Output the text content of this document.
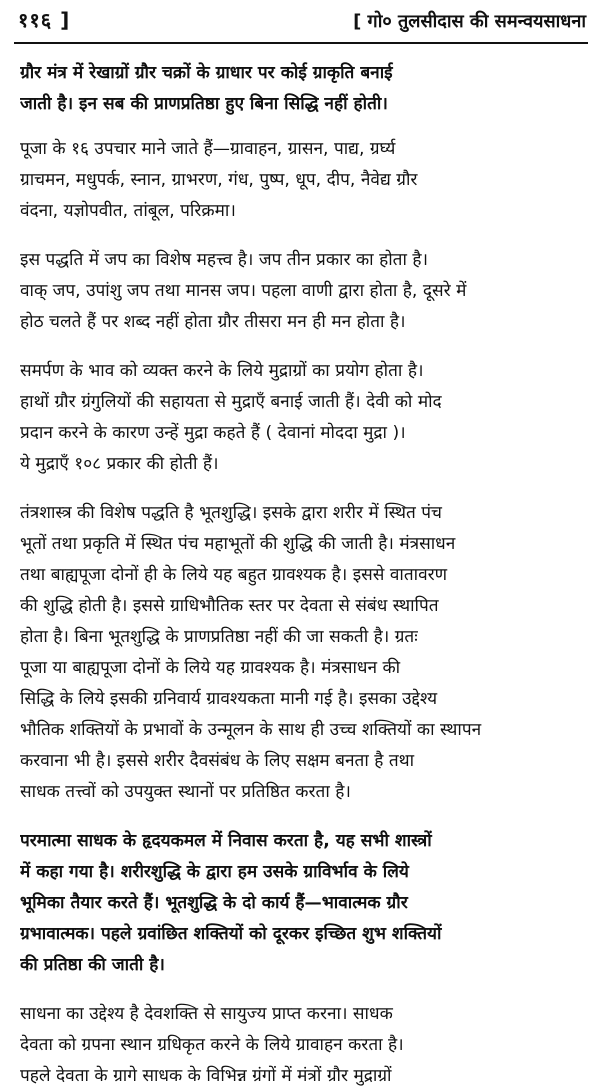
११६ ]	[ गो० तुलसीदास की समन्वयसाधना

ग्रौर मंत्र में रेखाग्रों ग्रौर चक्रों के ग्राधार पर कोई ग्राकृति बनाई
जाती है। इन सब की प्राणप्रतिष्ठा हुए बिना सिद्धि नहीं होती।

पूजा के १६ उपचार माने जाते हैं—ग्रावाहन, ग्रासन, पाद्य, ग्रर्घ्य
ग्राचमन, मधुपर्क, स्नान, ग्राभरण, गंध, पुष्प, धूप, दीप, नैवेद्य ग्रौर
वंदना, यज्ञोपवीत, तांबूल, परिक्रमा।

इस पद्धति में जप का विशेष महत्त्व है। जप तीन प्रकार का होता है।
वाक् जप, उपांशु जप तथा मानस जप। पहला वाणी द्वारा होता है, दूसरे में
होठ चलते हैं पर शब्द नहीं होता ग्रौर तीसरा मन ही मन होता है।

समर्पण के भाव को व्यक्त करने के लिये मुद्राग्रों का प्रयोग होता है।
हाथों ग्रौर ग्रंगुलियों की सहायता से मुद्राएँ बनाई जाती हैं। देवी को मोद
प्रदान करने के कारण उन्हें मुद्रा कहते हैं ( देवानां मोददा मुद्रा )।
ये मुद्राएँ १०८ प्रकार की होती हैं।

तंत्रशास्त्र की विशेष पद्धति है भूतशुद्धि। इसके द्वारा शरीर में स्थित पंच
भूतों तथा प्रकृति में स्थित पंच महाभूतों की शुद्धि की जाती है। मंत्रसाधन
तथा बाह्यपूजा दोनों ही के लिये यह बहुत ग्रावश्यक है। इससे वातावरण
की शुद्धि होती है। इससे ग्राधिभौतिक स्तर पर देवता से संबंध स्थापित
होता है। बिना भूतशुद्धि के प्राणप्रतिष्ठा नहीं की जा सकती है। ग्रतः
पूजा या बाह्यपूजा दोनों के लिये यह ग्रावश्यक है। मंत्रसाधन की
सिद्धि के लिये इसकी ग्रनिवार्य ग्रावश्यकता मानी गई है। इसका उद्देश्य
भौतिक शक्तियों के प्रभावों के उन्मूलन के साथ ही उच्च शक्तियों का स्थापन
करवाना भी है। इससे शरीर दैवसंबंध के लिए सक्षम बनता है तथा
साधक तत्त्वों को उपयुक्त स्थानों पर प्रतिष्ठित करता है।

परमात्मा साधक के हृदयकमल में निवास करता है, यह सभी शास्त्रों
में कहा गया है। शरीरशुद्धि के द्वारा हम उसके ग्राविर्भाव के लिये
भूमिका तैयार करते हैं। भूतशुद्धि के दो कार्य हैं—भावात्मक ग्रौर
ग्रभावात्मक। पहले ग्रवांछित शक्तियों को दूरकर इच्छित शुभ शक्तियों
की प्रतिष्ठा की जाती है।

साधना का उद्देश्य है देवशक्ति से सायुज्य प्राप्त करना। साधक
देवता को ग्रपना स्थान ग्रधिकृत करने के लिये ग्रावाहन करता है।
पहले देवता के ग्रागे साधक के विभिन्न ग्रंगों में मंत्रों ग्रौर मुद्राग्रों
